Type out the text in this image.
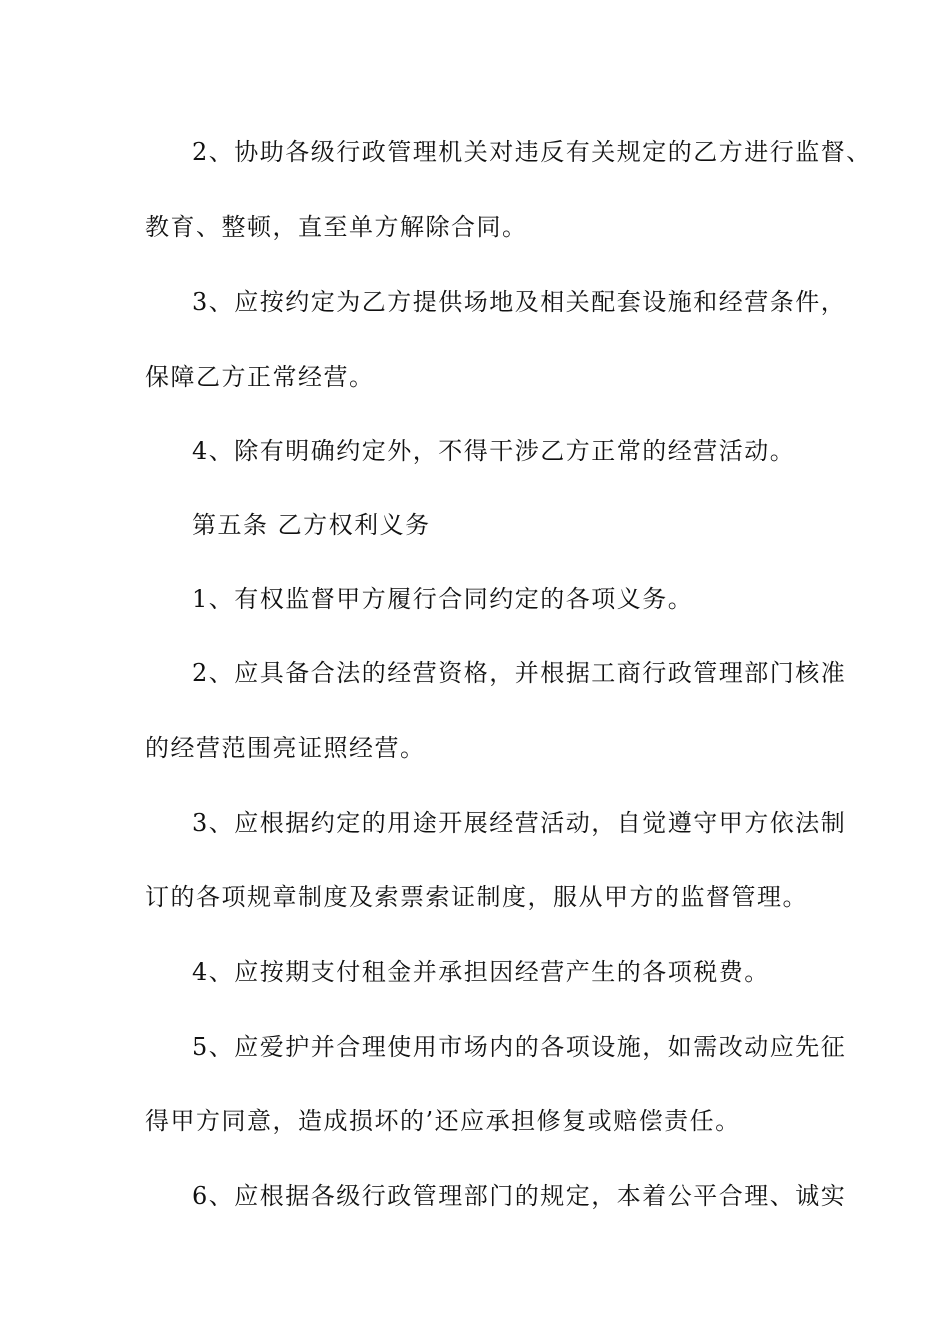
2、协助各级行政管理机关对违反有关规定的乙方进行监督、
教育、整顿，直至单方解除合同。
3、应按约定为乙方提供场地及相关配套设施和经营条件，
保障乙方正常经营。
4、除有明确约定外，不得干涉乙方正常的经营活动。
第五条 乙方权利义务
1、有权监督甲方履行合同约定的各项义务。
2、应具备合法的经营资格，并根据工商行政管理部门核准
的经营范围亮证照经营。
3、应根据约定的用途开展经营活动，自觉遵守甲方依法制
订的各项规章制度及索票索证制度，服从甲方的监督管理。
4、应按期支付租金并承担因经营产生的各项税费。
5、应爱护并合理使用市场内的各项设施，如需改动应先征
得甲方同意，造成损坏的’还应承担修复或赔偿责任。
6、应根据各级行政管理部门的规定，本着公平合理、诚实
